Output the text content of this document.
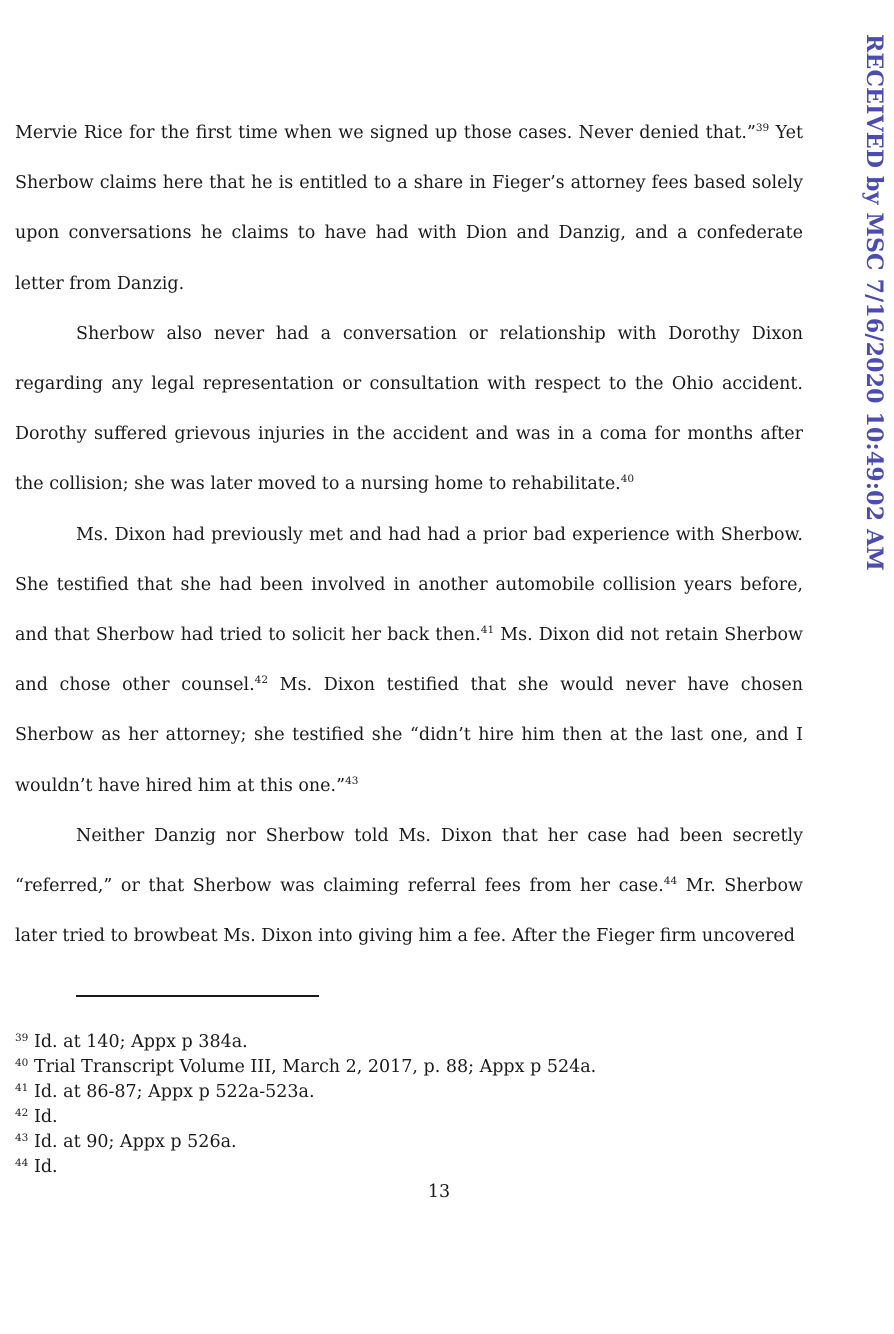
RECEIVED by MSC 7/16/2020 10:49:02 AM

Mervie Rice for the first time when we signed up those cases. Never denied that.”$^{39}$ Yet Sherbow claims here that he is entitled to a share in Fieger’s attorney fees based solely upon conversations he claims to have had with Dion and Danzig, and a confederate letter from Danzig.

Sherbow also never had a conversation or relationship with Dorothy Dixon regarding any legal representation or consultation with respect to the Ohio accident. Dorothy suffered grievous injuries in the accident and was in a coma for months after the collision; she was later moved to a nursing home to rehabilitate.$^{40}$

Ms. Dixon had previously met and had had a prior bad experience with Sherbow. She testified that she had been involved in another automobile collision years before, and that Sherbow had tried to solicit her back then.$^{41}$ Ms. Dixon did not retain Sherbow and chose other counsel.$^{42}$ Ms. Dixon testified that she would never have chosen Sherbow as her attorney; she testified she “didn’t hire him then at the last one, and I wouldn’t have hired him at this one.”$^{43}$

Neither Danzig nor Sherbow told Ms. Dixon that her case had been secretly “referred,” or that Sherbow was claiming referral fees from her case.$^{44}$ Mr. Sherbow later tried to browbeat Ms. Dixon into giving him a fee. After the Fieger firm uncovered

$^{39}$ Id. at 140; Appx p 384a.
$^{40}$ Trial Transcript Volume III, March 2, 2017, p. 88; Appx p 524a.
$^{41}$ Id. at 86-87; Appx p 522a-523a.
$^{42}$ Id.
$^{43}$ Id. at 90; Appx p 526a.
$^{44}$ Id.
13
